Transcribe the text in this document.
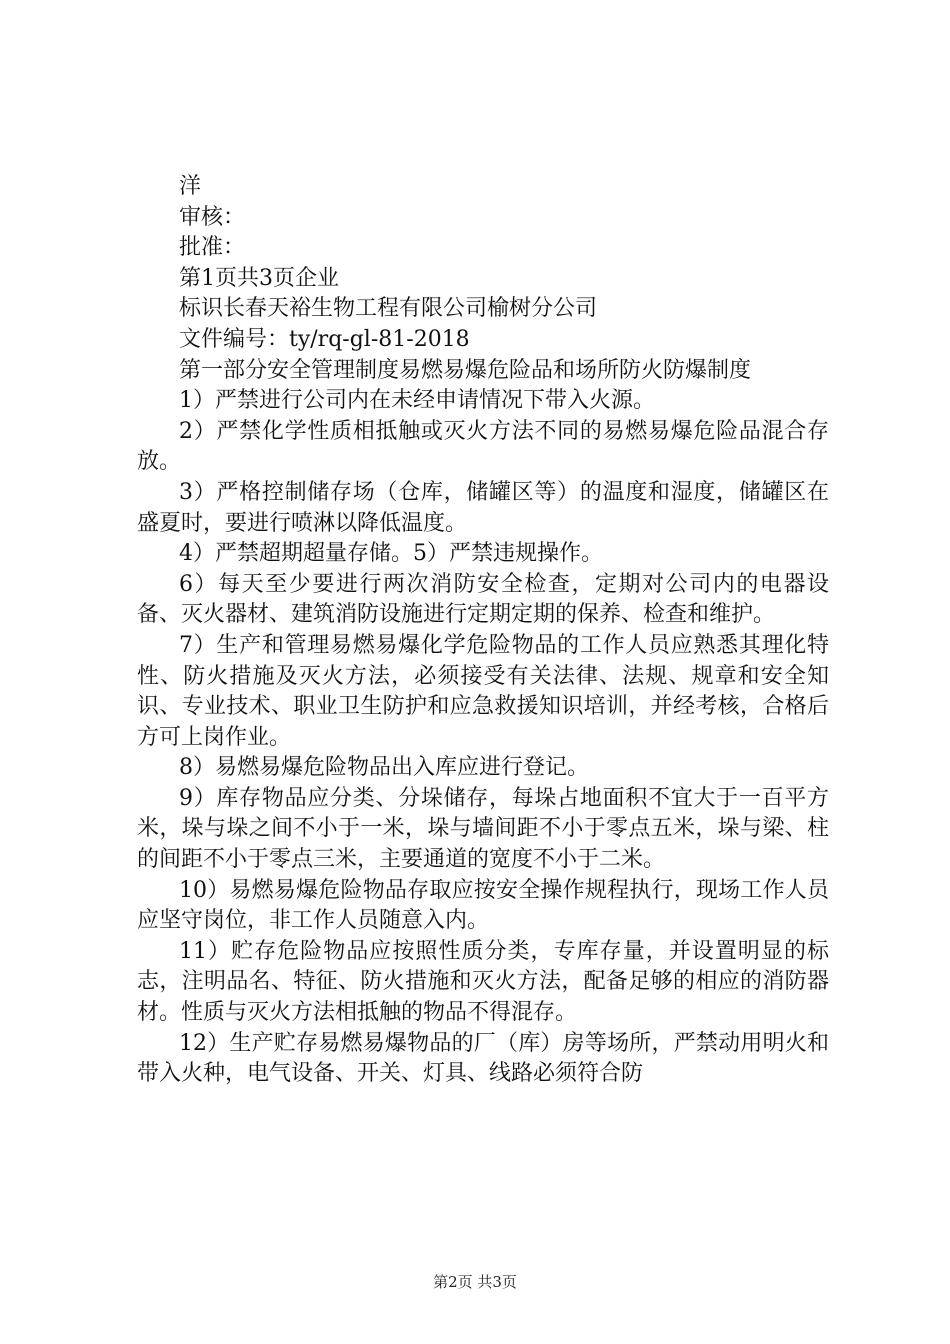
洋

审核：

批准：

第1页共3页企业

标识长春天裕生物工程有限公司榆树分公司

文件编号：ty/rq-gl-81-2018

第一部分安全管理制度易燃易爆危险品和场所防火防爆制度

1）严禁进行公司内在未经申请情况下带入火源。

2）严禁化学性质相抵触或灭火方法不同的易燃易爆危险品混合存放。

3）严格控制储存场（仓库，储罐区等）的温度和湿度，储罐区在盛夏时，要进行喷淋以降低温度。

4）严禁超期超量存储。5）严禁违规操作。

6）每天至少要进行两次消防安全检查，定期对公司内的电器设备、灭火器材、建筑消防设施进行定期定期的保养、检查和维护。

7）生产和管理易燃易爆化学危险物品的工作人员应熟悉其理化特性、防火措施及灭火方法，必须接受有关法律、法规、规章和安全知识、专业技术、职业卫生防护和应急救援知识培训，并经考核，合格后方可上岗作业。

8）易燃易爆危险物品出入库应进行登记。

9）库存物品应分类、分垛储存，每垛占地面积不宜大于一百平方米，垛与垛之间不小于一米，垛与墙间距不小于零点五米，垛与梁、柱的间距不小于零点三米，主要通道的宽度不小于二米。

10）易燃易爆危险物品存取应按安全操作规程执行，现场工作人员应坚守岗位，非工作人员随意入内。

11）贮存危险物品应按照性质分类，专库存量，并设置明显的标志，注明品名、特征、防火措施和灭火方法，配备足够的相应的消防器材。性质与灭火方法相抵触的物品不得混存。

12）生产贮存易燃易爆物品的厂（库）房等场所，严禁动用明火和带入火种，电气设备、开关、灯具、线路必须符合防

第2页 共3页
